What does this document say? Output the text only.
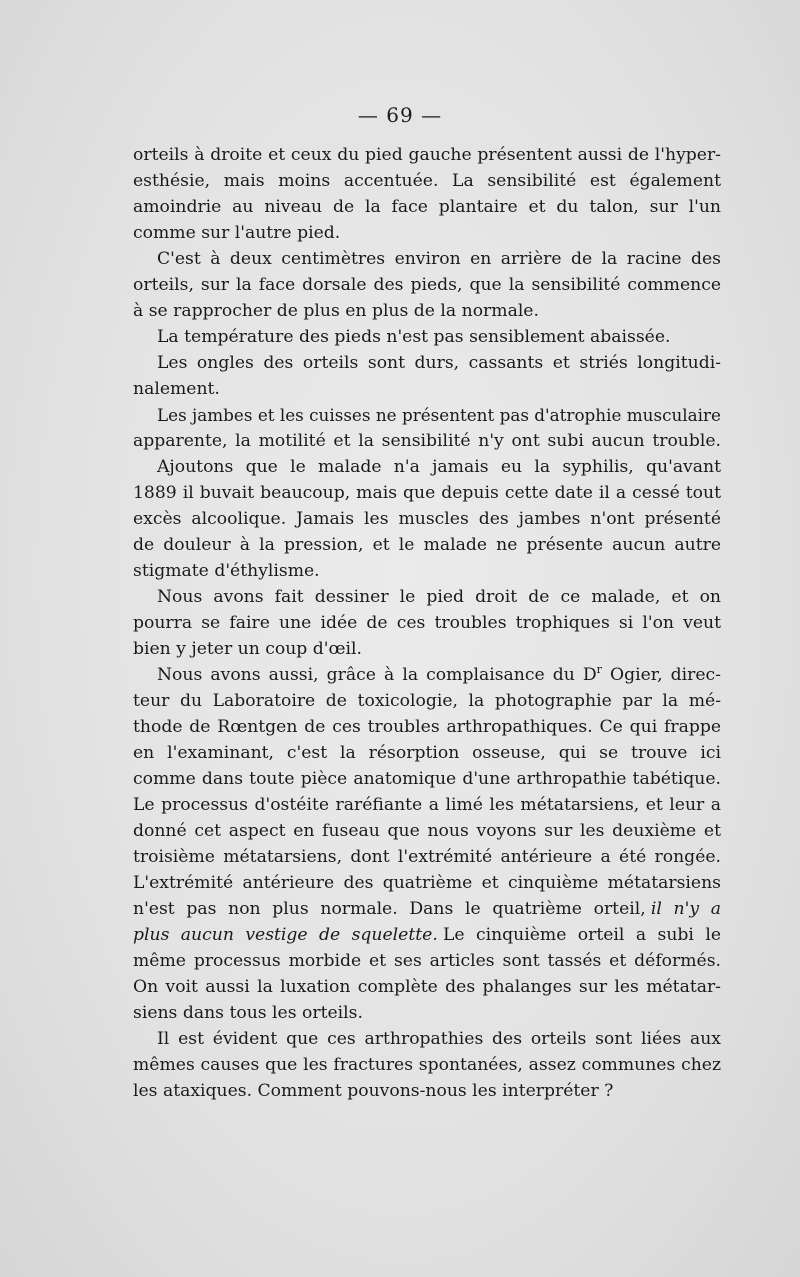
— 69 —
orteils à droite et ceux du pied gauche présentent aussi de l'hyper-
esthésie, mais moins accentuée. La sensibilité est également
amoindrie au niveau de la face plantaire et du talon, sur l'un
comme sur l'autre pied.
C'est à deux centimètres environ en arrière de la racine des
orteils, sur la face dorsale des pieds, que la sensibilité commence
à se rapprocher de plus en plus de la normale.
La température des pieds n'est pas sensiblement abaissée.
Les ongles des orteils sont durs, cassants et striés longitudi-
nalement.
Les jambes et les cuisses ne présentent pas d'atrophie musculaire
apparente, la motilité et la sensibilité n'y ont subi aucun trouble.
Ajoutons que le malade n'a jamais eu la syphilis, qu'avant
1889 il buvait beaucoup, mais que depuis cette date il a cessé tout
excès alcoolique. Jamais les muscles des jambes n'ont présenté
de douleur à la pression, et le malade ne présente aucun autre
stigmate d'éthylisme.
Nous avons fait dessiner le pied droit de ce malade, et on
pourra se faire une idée de ces troubles trophiques si l'on veut
bien y jeter un coup d'œil.
Nous avons aussi, grâce à la complaisance du $D^r$ Ogier, direc-
teur du Laboratoire de toxicologie, la photographie par la mé-
thode de Rœntgen de ces troubles arthropathiques. Ce qui frappe
en l'examinant, c'est la résorption osseuse, qui se trouve ici
comme dans toute pièce anatomique d'une arthropathie tabétique.
Le processus d'ostéite raréfiante a limé les métatarsiens, et leur a
donné cet aspect en fuseau que nous voyons sur les deuxième et
troisième métatarsiens, dont l'extrémité antérieure a été rongée.
L'extrémité antérieure des quatrième et cinquième métatarsiens
n'est pas non plus normale. Dans le quatrième orteil, il n'y a
plus aucun vestige de squelette. Le cinquième orteil a subi le
même processus morbide et ses articles sont tassés et déformés.
On voit aussi la luxation complète des phalanges sur les métatar-
siens dans tous les orteils.
Il est évident que ces arthropathies des orteils sont liées aux
mêmes causes que les fractures spontanées, assez communes chez
les ataxiques. Comment pouvons-nous les interpréter ?
